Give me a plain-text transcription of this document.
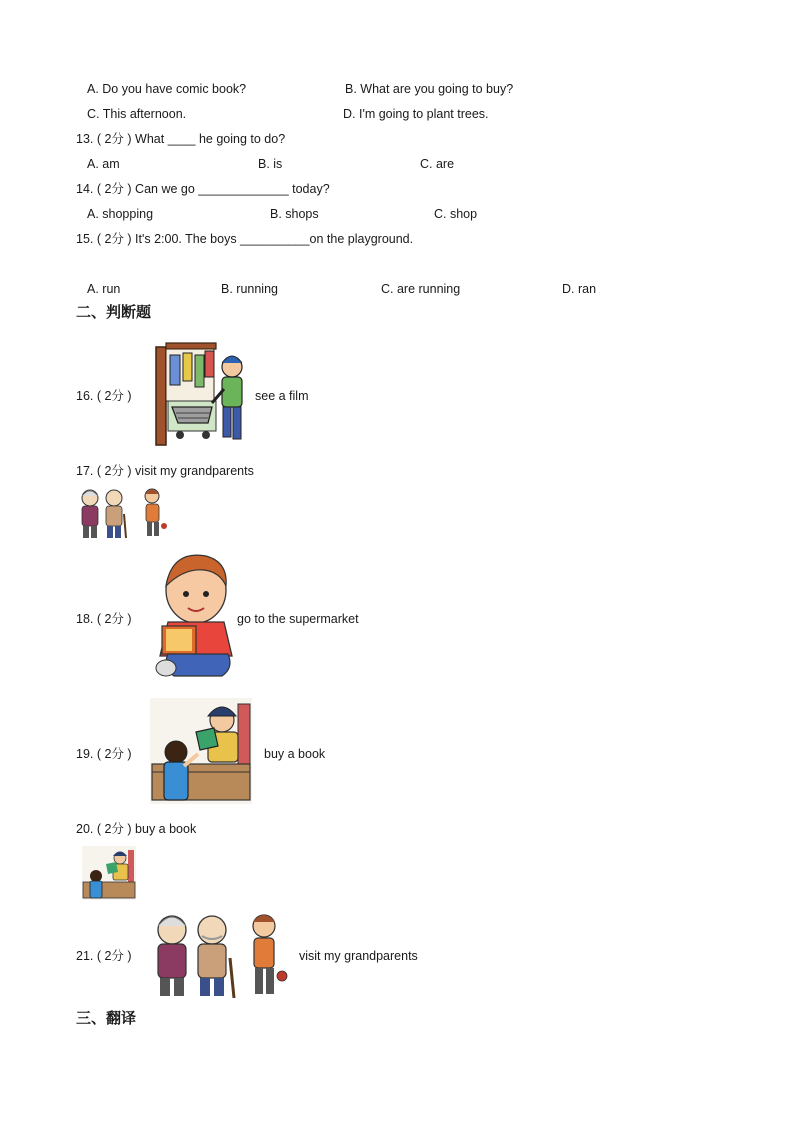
A. Do you have comic book?	B. What are you going to buy?
C. This afternoon.	D. I'm going to plant trees.
13. ( 2分 ) What ____ he going to do?
A. am	B. is	C. are
14. ( 2分 ) Can we go _____________ today?
A. shopping	B. shops	C. shop
15. ( 2分 ) It's 2:00. The boys __________on the playground.
A. run	B. running	C. are running	D. ran
二、判断题
16. ( 2分 )	see a film
17. ( 2分 ) visit my grandparents
18. ( 2分 )	go to the supermarket
19. ( 2分 )	buy a book
20. ( 2分 ) buy a book
21. ( 2分 )	visit my grandparents
三、翻译
